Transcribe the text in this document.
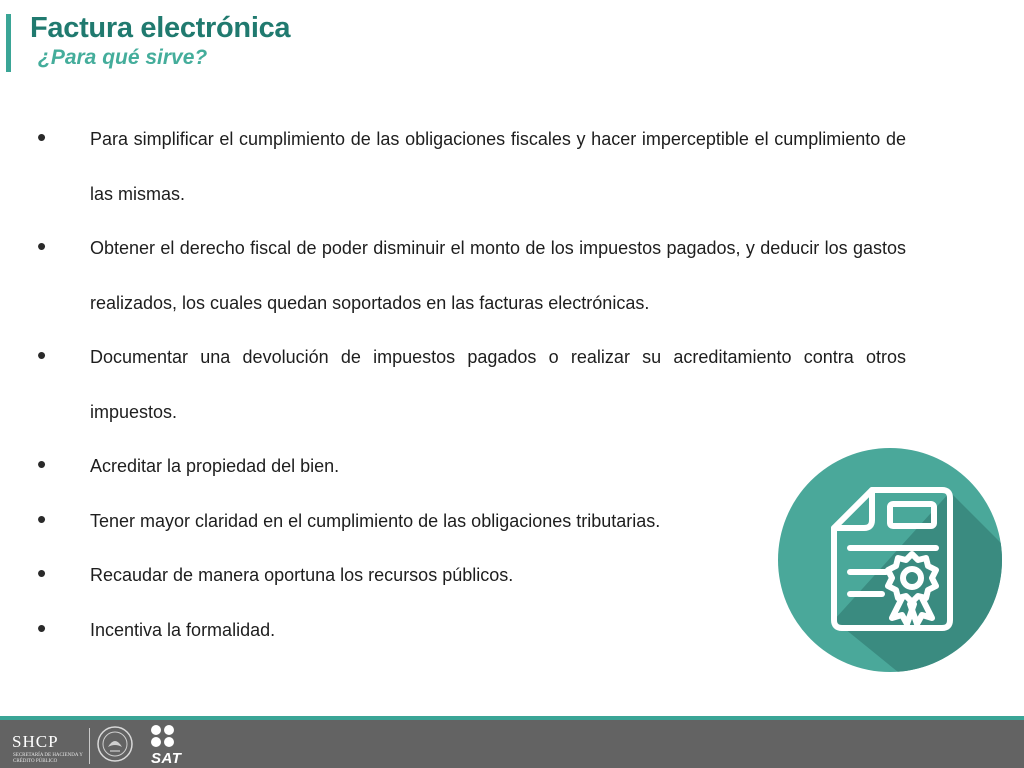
Factura electrónica
¿Para qué sirve?
• Para simplificar el cumplimiento de las obligaciones fiscales y hacer imperceptible el cumplimiento de las mismas.
• Obtener el derecho fiscal de poder disminuir el monto de los impuestos pagados, y deducir los gastos realizados, los cuales quedan soportados en las facturas electrónicas.
• Documentar una devolución de impuestos pagados o realizar su acreditamiento contra otros impuestos.
• Acreditar la propiedad del bien.
• Tener mayor claridad en el cumplimiento de las obligaciones tributarias.
• Recaudar de manera oportuna los recursos públicos.
• Incentiva la formalidad.
SHCP
SECRETARÍA DE HACIENDA Y CRÉDITO PÚBLICO	SAT
